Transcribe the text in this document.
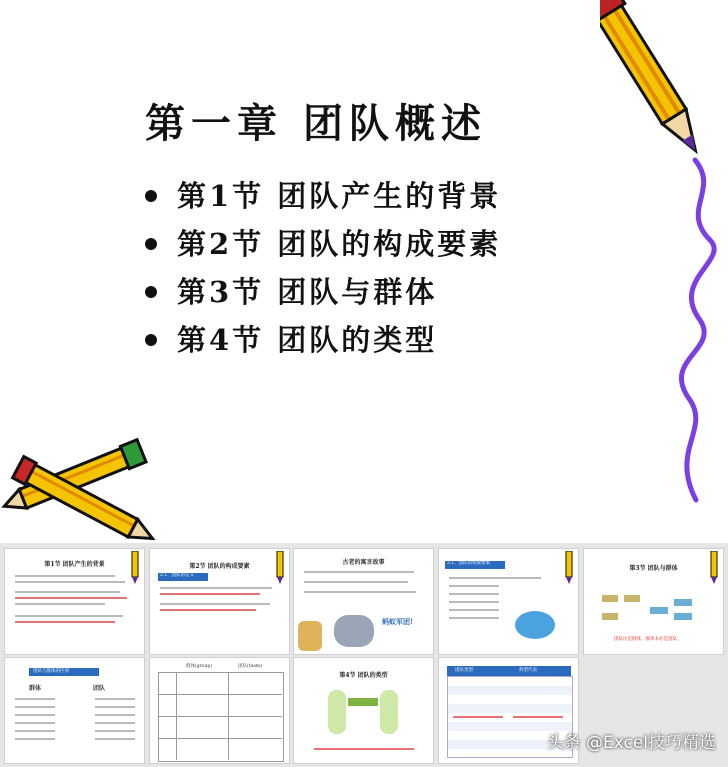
第一章 团队概述
第1节 团队产生的背景
第2节 团队的构成要素
第3节 团队与群体
第4节 团队的类型
第1节 团队产生的背景	第2节 团队的构成要素
2.1、团队的定义
古老的寓言故事
蚂蚁军团!
2.1、团队的构成要素
第3节 团队与群体
团队比是群体，群体未必是团队。
团队与群体的区别
群体	团队
群体(group)	团队(team)
第4节 团队的类型
团队类型	典型代表
头条 @Excel技巧精选
